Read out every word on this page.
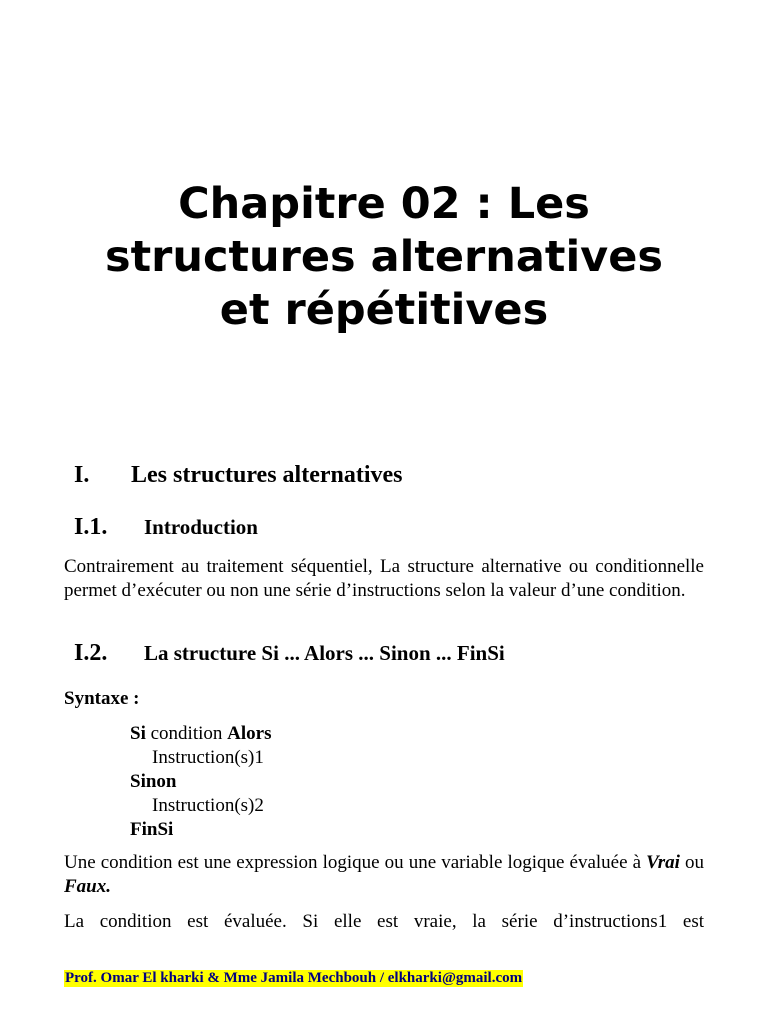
Chapitre 02 : Les
structures alternatives
et répétitives
I. Les structures alternatives
I.1. Introduction
Contrairement au traitement séquentiel, La structure alternative ou conditionnelle permet d’exécuter ou non une série d’instructions selon la valeur d’une condition.
I.2. La structure Si ... Alors ... Sinon ... FinSi
Syntaxe :
Si condition Alors
Instruction(s)1
Sinon
Instruction(s)2
FinSi
Une condition est une expression logique ou une variable logique évaluée à Vrai ou Faux.
La condition est évaluée. Si elle est vraie, la série d’instructions1 est
Prof. Omar El kharki & Mme Jamila Mechbouh / elkharki@gmail.com
